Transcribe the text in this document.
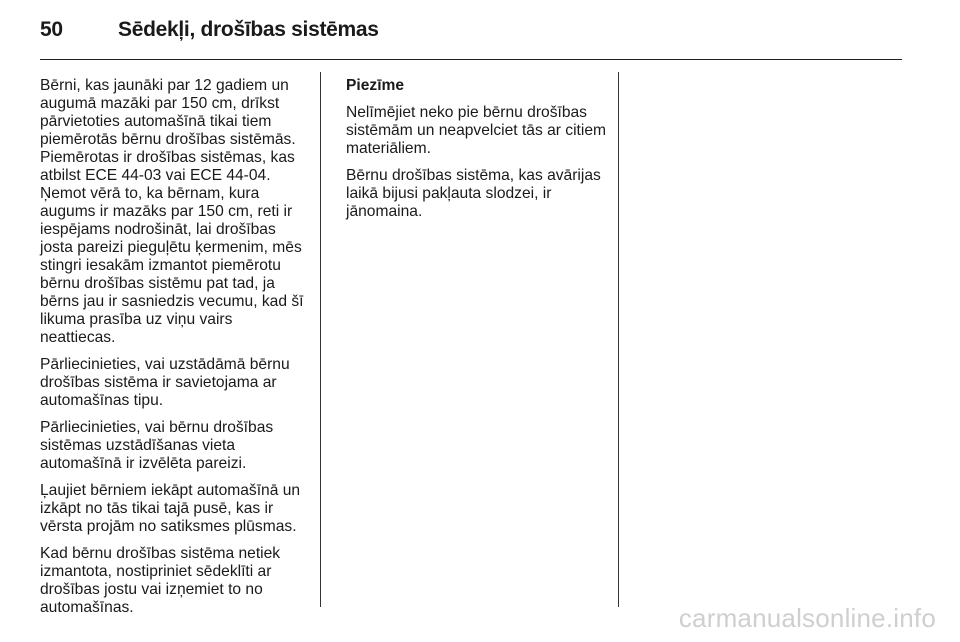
50	Sēdekļi, drošības sistēmas

Bērni, kas jaunāki par 12 gadiem un augumā mazāki par 150 cm, drīkst pārvietoties automašīnā tikai tiem piemērotās bērnu drošības sistēmās. Piemērotas ir drošības sistēmas, kas atbilst ECE 44-03 vai ECE 44-04. Ņemot vērā to, ka bērnam, kura augums ir mazāks par 150 cm, reti ir iespējams nodrošināt, lai drošības josta pareizi pieguļētu ķermenim, mēs stingri iesakām izmantot piemērotu bērnu drošības sistēmu pat tad, ja bērns jau ir sasniedzis vecumu, kad šī likuma prasība uz viņu vairs neattiecas.

Pārliecinieties, vai uzstādāmā bērnu drošības sistēma ir savietojama ar automašīnas tipu.

Pārliecinieties, vai bērnu drošības sistēmas uzstādīšanas vieta automašīnā ir izvēlēta pareizi.

Ļaujiet bērniem iekāpt automašīnā un izkāpt no tās tikai tajā pusē, kas ir vērsta projām no satiksmes plūsmas.

Kad bērnu drošības sistēma netiek izmantota, nostipriniet sēdeklīti ar drošības jostu vai izņemiet to no automašīnas.

Piezīme

Nelīmējiet neko pie bērnu drošības sistēmām un neapvelciet tās ar citiem materiāliem.

Bērnu drošības sistēma, kas avārijas laikā bijusi pakļauta slodzei, ir jānomaina.

carmanualsonline.info
